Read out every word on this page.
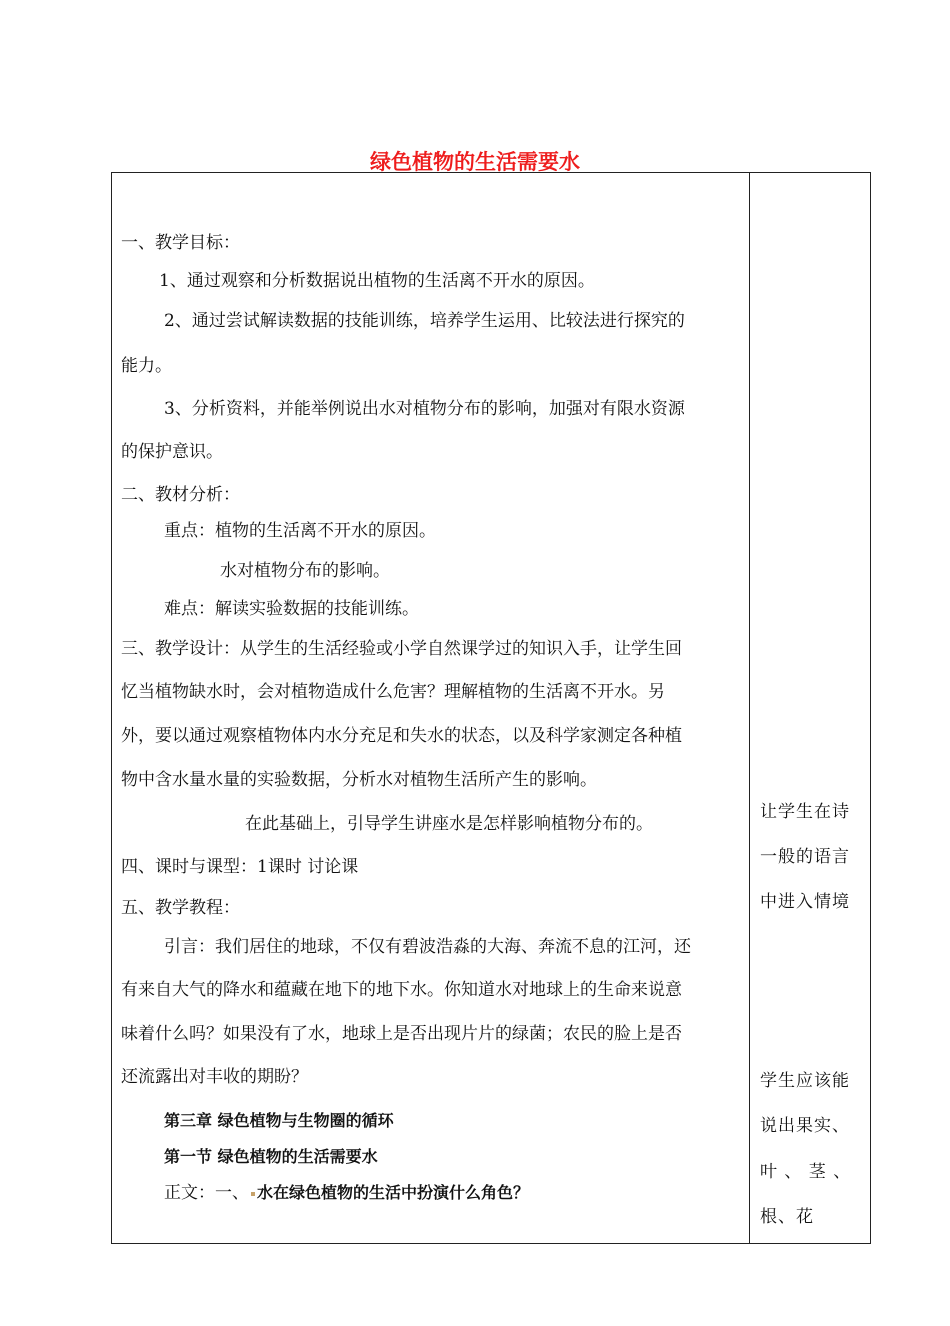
绿色植物的生活需要水
一、教学目标：
1、通过观察和分析数据说出植物的生活离不开水的原因。
2、通过尝试解读数据的技能训练，培养学生运用、比较法进行探究的
能力。
3、分析资料，并能举例说出水对植物分布的影响，加强对有限水资源
的保护意识。
二、教材分析：
重点：植物的生活离不开水的原因。
水对植物分布的影响。
难点：解读实验数据的技能训练。
三、教学设计：从学生的生活经验或小学自然课学过的知识入手，让学生回
忆当植物缺水时，会对植物造成什么危害？理解植物的生活离不开水。另
外，要以通过观察植物体内水分充足和失水的状态，以及科学家测定各种植
物中含水量水量的实验数据，分析水对植物生活所产生的影响。
在此基础上，引导学生讲座水是怎样影响植物分布的。
四、课时与课型：1课时 讨论课
五、教学教程：
引言：我们居住的地球，不仅有碧波浩淼的大海、奔流不息的江河，还
有来自大气的降水和蕴藏在地下的地下水。你知道水对地球上的生命来说意
味着什么吗？如果没有了水，地球上是否出现片片的绿菌；农民的脸上是否
还流露出对丰收的期盼？
第三章 绿色植物与生物圈的循环
第一节 绿色植物的生活需要水
让学生在诗
一般的语言
中进入情境
学生应该能
说出果实、
叶 、 茎 、
根、花
正文：一、 水在绿色植物的生活中扮演什么角色？
